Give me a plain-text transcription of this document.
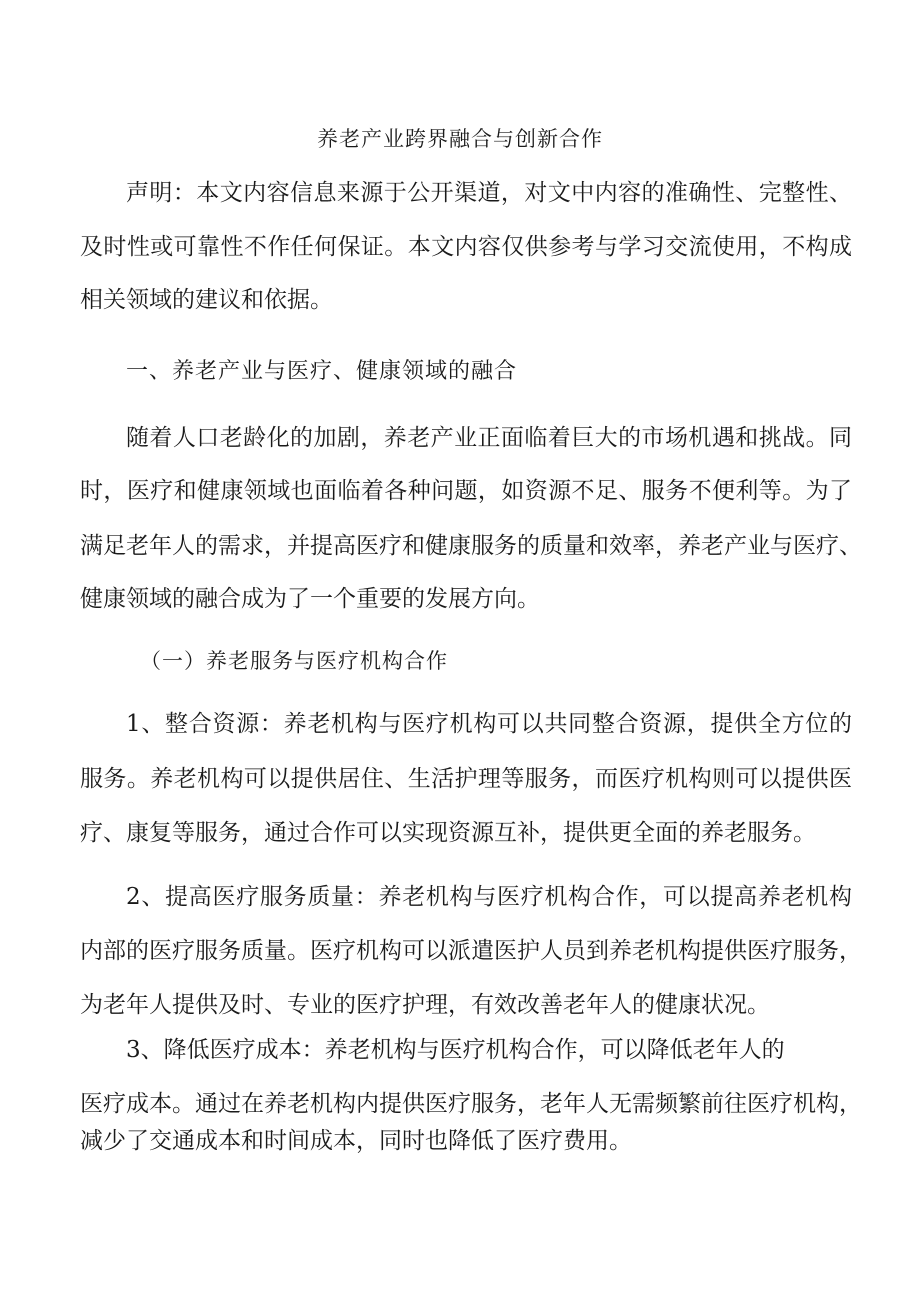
养老产业跨界融合与创新合作
声明：本文内容信息来源于公开渠道，对文中内容的准确性、完整性、
及时性或可靠性不作任何保证。本文内容仅供参考与学习交流使用，不构成
相关领域的建议和依据。
一、养老产业与医疗、健康领域的融合
随着人口老龄化的加剧，养老产业正面临着巨大的市场机遇和挑战。同
时，医疗和健康领域也面临着各种问题，如资源不足、服务不便利等。为了
满足老年人的需求，并提高医疗和健康服务的质量和效率，养老产业与医疗、
健康领域的融合成为了一个重要的发展方向。
（一）养老服务与医疗机构合作
1、整合资源：养老机构与医疗机构可以共同整合资源，提供全方位的
服务。养老机构可以提供居住、生活护理等服务，而医疗机构则可以提供医
疗、康复等服务，通过合作可以实现资源互补，提供更全面的养老服务。
2、提高医疗服务质量：养老机构与医疗机构合作，可以提高养老机构
内部的医疗服务质量。医疗机构可以派遣医护人员到养老机构提供医疗服务，
为老年人提供及时、专业的医疗护理，有效改善老年人的健康状况。
3、降低医疗成本：养老机构与医疗机构合作，可以降低老年人的
医疗成本。通过在养老机构内提供医疗服务，老年人无需频繁前往医疗机构，
减少了交通成本和时间成本，同时也降低了医疗费用。
